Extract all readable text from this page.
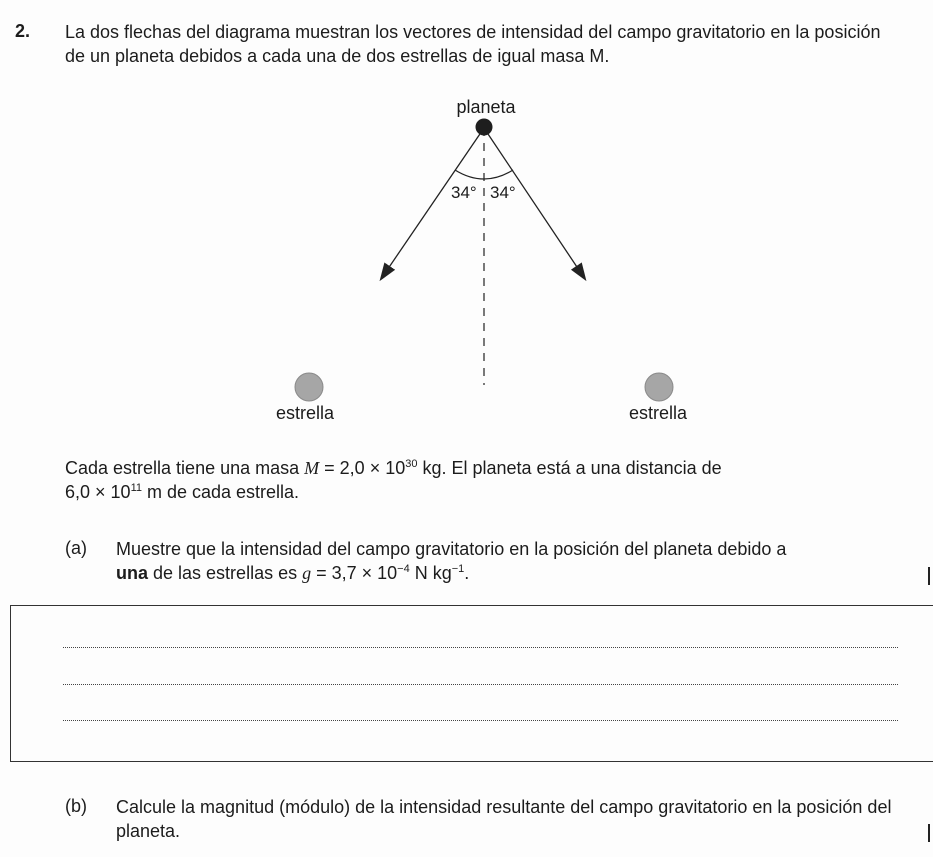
2. La dos flechas del diagrama muestran los vectores de intensidad del campo gravitatorio en la posición de un planeta debidos a cada una de dos estrellas de igual masa M.
planeta
34° 34°
estrella	estrella
Cada estrella tiene una masa $M = 2,0 \times 10^{30}$ kg. El planeta está a una distancia de
$6,0 \times 10^{11}$ m de cada estrella.
(a) Muestre que la intensidad del campo gravitatorio en la posición del planeta debido a
una de las estrellas es $g = 3,7 \times 10^{-4}$ N $kg^{-1}$.
(b) Calcule la magnitud (módulo) de la intensidad resultante del campo gravitatorio en la posición del planeta.
